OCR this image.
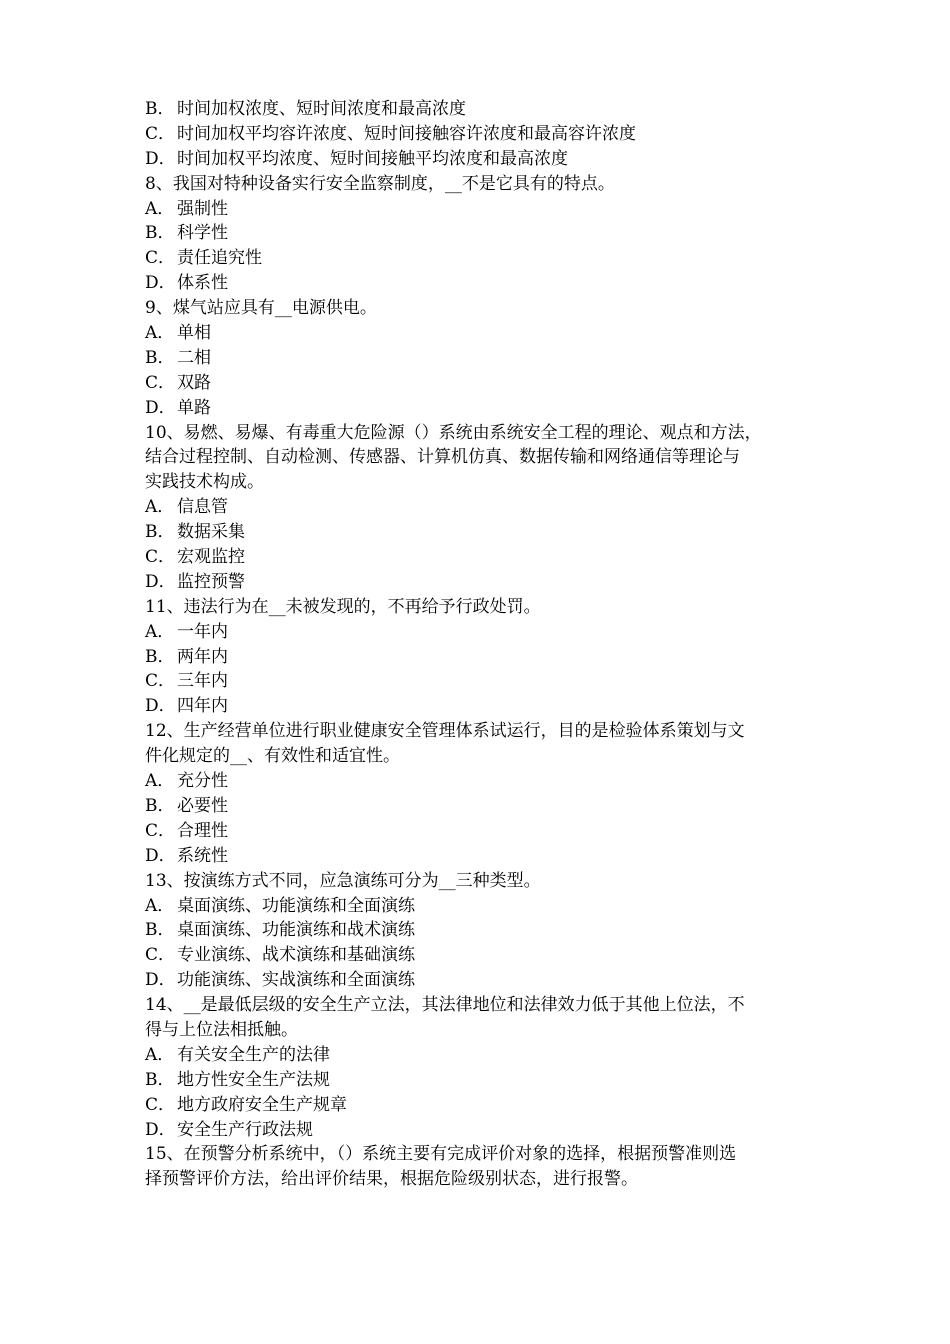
B． 时间加权浓度、短时间浓度和最高浓度
C． 时间加权平均容许浓度、短时间接触容许浓度和最高容许浓度
D．时间加权平均浓度、短时间接触平均浓度和最高浓度
8、我国对特种设备实行安全监察制度，__不是它具有的特点。
A． 强制性
B． 科学性
C． 责任追究性
D．体系性
9、煤气站应具有__电源供电。
A． 单相
B． 二相
C． 双路
D．单路
10、易燃、易爆、有毒重大危险源（）系统由系统安全工程的理论、观点和方法，
结合过程控制、自动检测、传感器、计算机仿真、数据传输和网络通信等理论与
实践技术构成。
A． 信息管
B． 数据采集
C． 宏观监控
D．监控预警
11、违法行为在__未被发现的，不再给予行政处罚。
A． 一年内
B． 两年内
C． 三年内
D．四年内
12、生产经营单位进行职业健康安全管理体系试运行，目的是检验体系策划与文
件化规定的__、有效性和适宜性。
A． 充分性
B． 必要性
C． 合理性
D．系统性
13、按演练方式不同，应急演练可分为__三种类型。
A． 桌面演练、功能演练和全面演练
B． 桌面演练、功能演练和战术演练
C． 专业演练、战术演练和基础演练
D．功能演练、实战演练和全面演练
14、__是最低层级的安全生产立法，其法律地位和法律效力低于其他上位法，不
得与上位法相抵触。
A． 有关安全生产的法律
B． 地方性安全生产法规
C． 地方政府安全生产规章
D．安全生产行政法规
15、在预警分析系统中，（）系统主要有完成评价对象的选择，根据预警准则选
择预警评价方法，给出评价结果，根据危险级别状态，进行报警。
